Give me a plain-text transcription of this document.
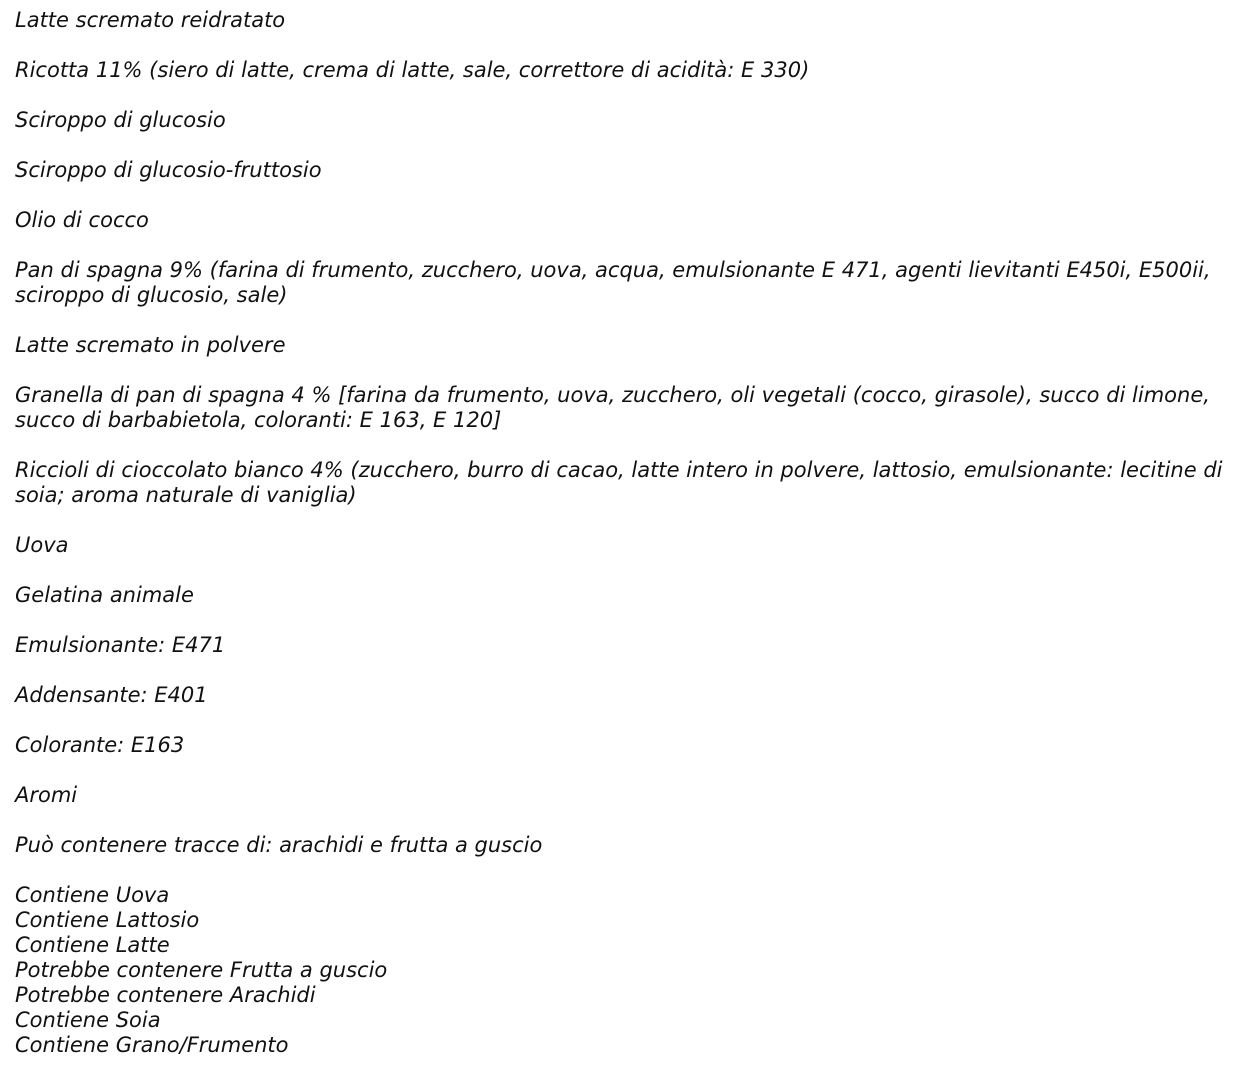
Latte scremato reidratato

Ricotta 11% (siero di latte, crema di latte, sale, correttore di acidità: E 330)

Sciroppo di glucosio

Sciroppo di glucosio-fruttosio

Olio di cocco

Pan di spagna 9% (farina di frumento, zucchero, uova, acqua, emulsionante E 471, agenti lievitanti E450i, E500ii, sciroppo di glucosio, sale)

Latte scremato in polvere

Granella di pan di spagna 4 % [farina da frumento, uova, zucchero, oli vegetali (cocco, girasole), succo di limone, succo di barbabietola, coloranti: E 163, E 120]

Riccioli di cioccolato bianco 4% (zucchero, burro di cacao, latte intero in polvere, lattosio, emulsionante: lecitine di soia; aroma naturale di vaniglia)

Uova

Gelatina animale

Emulsionante: E471

Addensante: E401

Colorante: E163

Aromi

Può contenere tracce di: arachidi e frutta a guscio

Contiene Uova
Contiene Lattosio
Contiene Latte
Potrebbe contenere Frutta a guscio
Potrebbe contenere Arachidi
Contiene Soia
Contiene Grano/Frumento
